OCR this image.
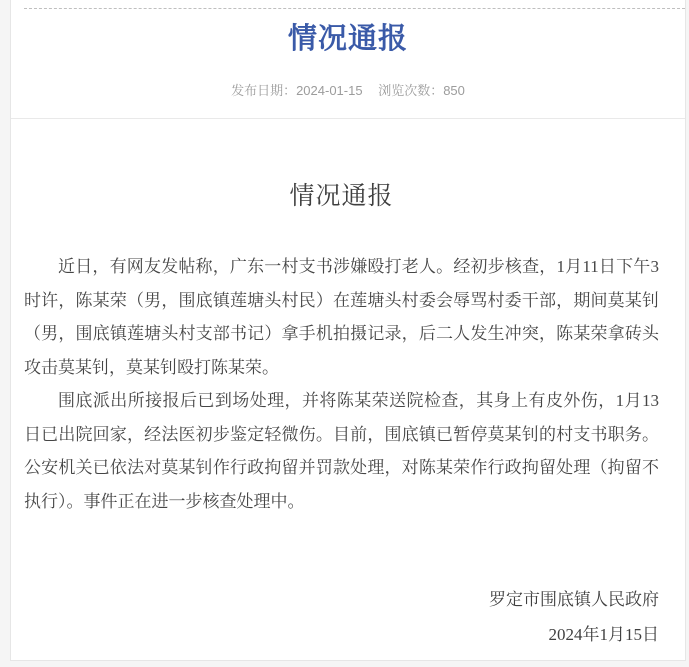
情况通报
发布日期：2024-01-15 浏览次数：850
情况通报

近日，有网友发帖称，广东一村支书涉嫌殴打老人。经初步核查，1月11日下午3时许，陈某荣（男，围底镇莲塘头村民）在莲塘头村委会辱骂村委干部，期间莫某钊（男，围底镇莲塘头村支部书记）拿手机拍摄记录，后二人发生冲突，陈某荣拿砖头攻击莫某钊，莫某钊殴打陈某荣。

围底派出所接报后已到场处理，并将陈某荣送院检查，其身上有皮外伤，1月13日已出院回家，经法医初步鉴定轻微伤。目前，围底镇已暂停莫某钊的村支书职务。公安机关已依法对莫某钊作行政拘留并罚款处理，对陈某荣作行政拘留处理（拘留不执行）。事件正在进一步核查处理中。

罗定市围底镇人民政府
2024年1月15日
